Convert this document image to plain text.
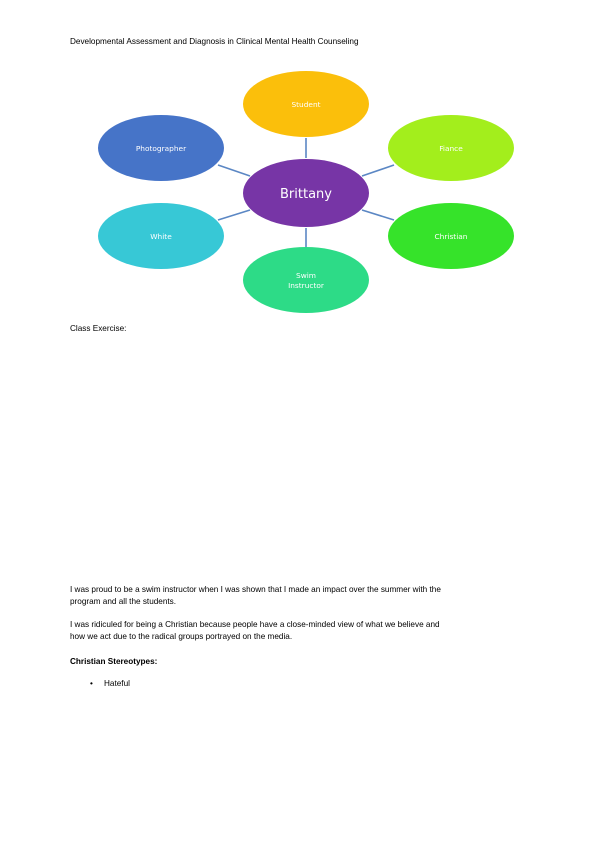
Developmental Assessment and Diagnosis in Clinical Mental Health Counseling
Student
Fiance
Christian
Swim
Instructor
White
Photographer
Brittany
Class Exercise:
I was proud to be a swim instructor when I was shown that I made an impact over the summer with the
program and all the students.
I was ridiculed for being a Christian because people have a close-minded view of what we believe and
how we act due to the radical groups portrayed on the media.
Christian Stereotypes:
• Hateful
